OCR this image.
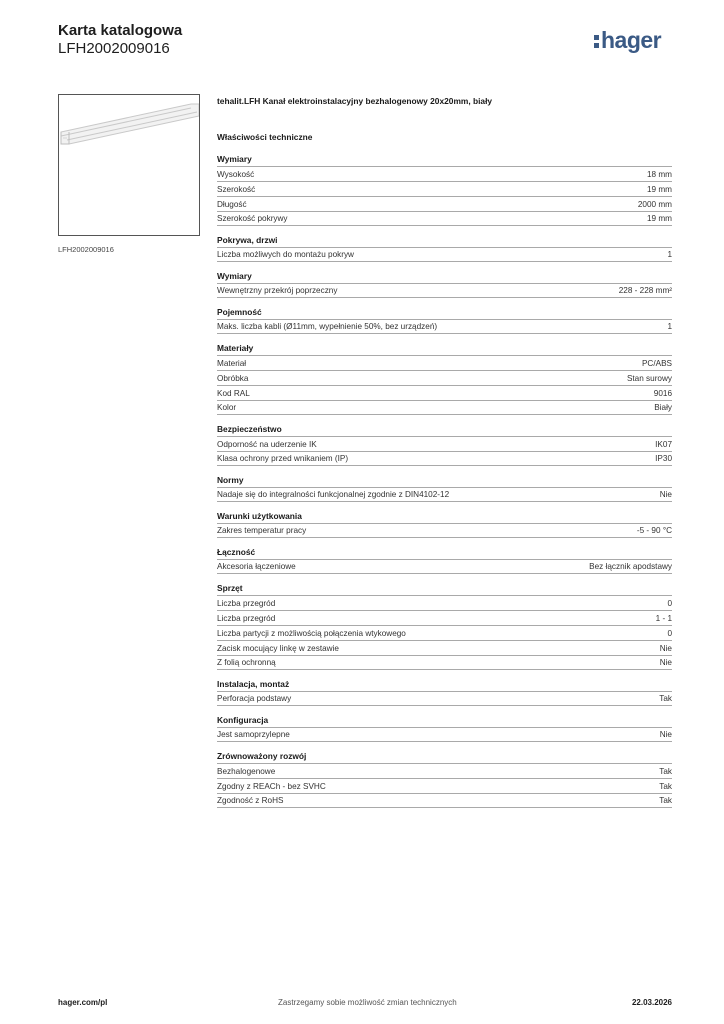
Karta katalogowa
LFH2002009016	hager
LFH2002009016
tehalit.LFH Kanał elektroinstalacyjny bezhalogenowy 20x20mm, biały
Właściwości techniczne
Wymiary
Wysokość	18 mm
Szerokość	19 mm
Długość	2000 mm
Szerokość pokrywy	19 mm
Pokrywa, drzwi
Liczba możliwych do montażu pokryw	1
Wymiary
Wewnętrzny przekrój poprzeczny	228 - 228 mm²
Pojemność
Maks. liczba kabli (Ø11mm, wypełnienie 50%, bez urządzeń)	1
Materiały
Materiał	PC/ABS
Obróbka	Stan surowy
Kod RAL	9016
Kolor	Biały
Bezpieczeństwo
Odporność na uderzenie IK	IK07
Klasa ochrony przed wnikaniem (IP)	IP30
Normy
Nadaje się do integralności funkcjonalnej zgodnie z DIN4102-12	Nie
Warunki użytkowania
Zakres temperatur pracy	-5 - 90 °C
Łączność
Akcesoria łączeniowe	Bez łącznik apodstawy
Sprzęt
Liczba przegród	0
Liczba przegród	1 - 1
Liczba partycji z możliwością połączenia wtykowego	0
Zacisk mocujący linkę w zestawie	Nie
Z folią ochronną	Nie
Instalacja, montaż
Perforacja podstawy	Tak
Konfiguracja
Jest samoprzylepne	Nie
Zrównoważony rozwój
Bezhalogenowe	Tak
Zgodny z REACh - bez SVHC	Tak
Zgodność z RoHS	Tak
hager.com/pl	Zastrzegamy sobie możliwość zmian technicznych	22.03.2026
